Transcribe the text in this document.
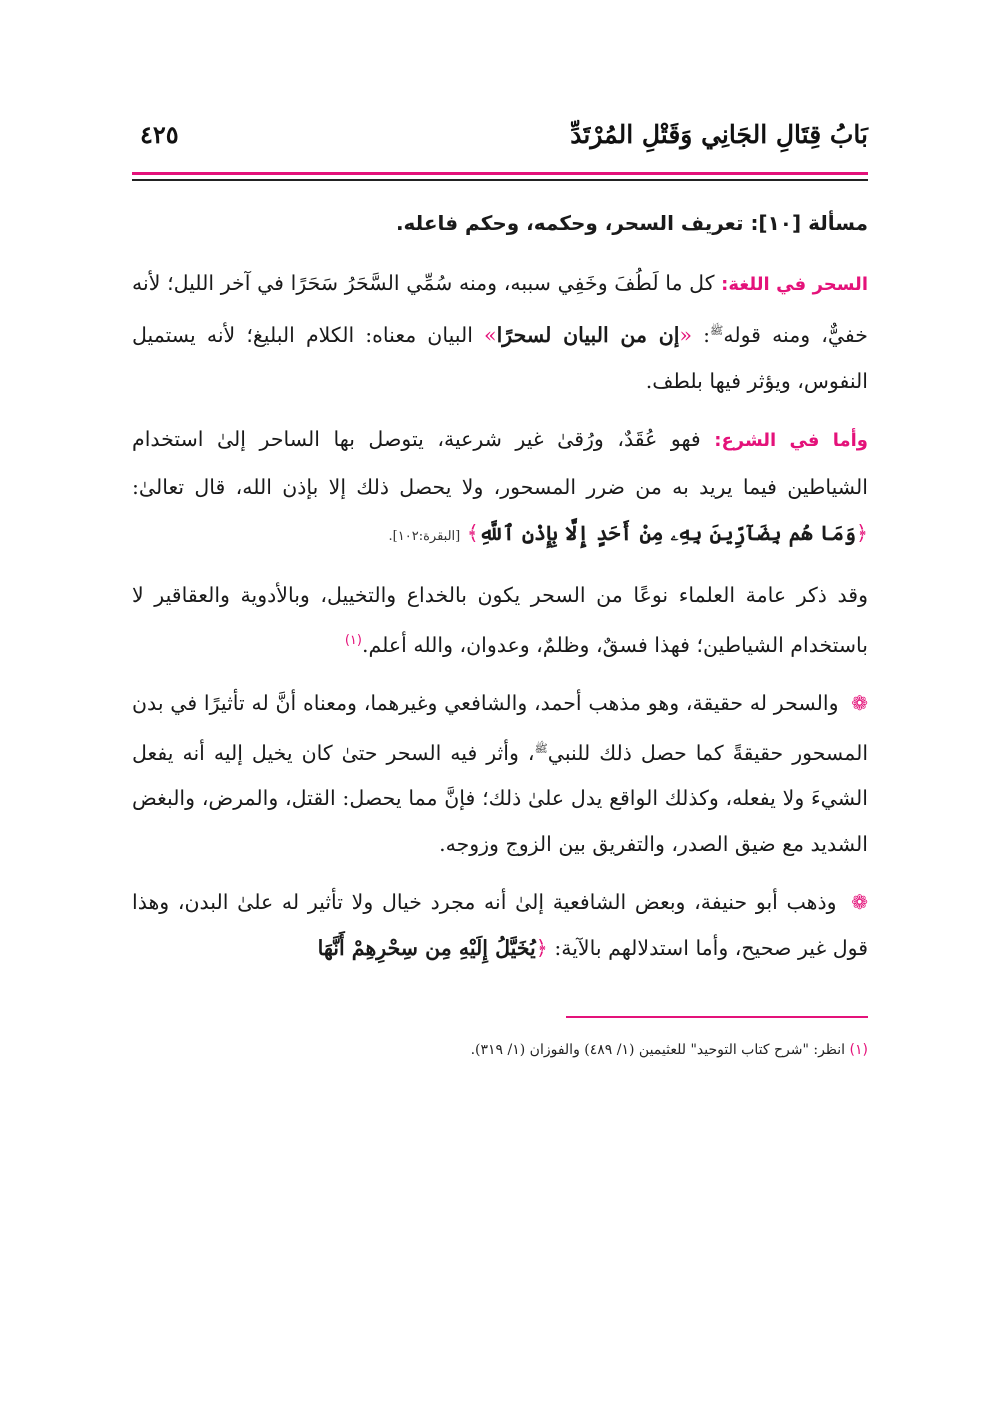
بَابُ قِتَالِ الجَانِي وَقَتْلِ المُرْتَدِّ
٤٢٥

مسألة [١٠]: تعريف السحر، وحكمه، وحكم فاعله.

السحر في اللغة: كل ما لَطُفَ وخَفِي سببه، ومنه سُمِّي السَّحَرُ سَحَرًا في آخر الليل؛ لأنه خفيٌّ، ومنه قوله$^ﷺ$: «إن من البيان لسحرًا» البيان معناه: الكلام البليغ؛ لأنه يستميل النفوس، ويؤثر فيها بلطف.

وأما في الشرع: فهو عُقَدٌ، ورُقىٰ غير شرعية، يتوصل بها الساحر إلىٰ استخدام الشياطين فيما يريد به من ضرر المسحور، ولا يحصل ذلك إلا بإذن الله، قال تعالىٰ: ﴿وَمَا هُم بِضَآرِّينَ بِهِۦ مِنْ أَحَدٍ إِلَّا بِإِذْنِ ٱللَّهِ﴾ [البقرة:١٠٢].

وقد ذكر عامة العلماء نوعًا من السحر يكون بالخداع والتخييل، وبالأدوية والعقاقير لا باستخدام الشياطين؛ فهذا فسقٌ، وظلمٌ، وعدوان، والله أعلم.$^{(١)}$

❁ والسحر له حقيقة، وهو مذهب أحمد، والشافعي وغيرهما، ومعناه أنَّ له تأثيرًا في بدن المسحور حقيقةً كما حصل ذلك للنبي$^ﷺ$، وأثر فيه السحر حتىٰ كان يخيل إليه أنه يفعل الشيءَ ولا يفعله، وكذلك الواقع يدل علىٰ ذلك؛ فإنَّ مما يحصل: القتل، والمرض، والبغض الشديد مع ضيق الصدر، والتفريق بين الزوج وزوجه.

❁ وذهب أبو حنيفة، وبعض الشافعية إلىٰ أنه مجرد خيال ولا تأثير له علىٰ البدن، وهذا قول غير صحيح، وأما استدلالهم بالآية: ﴿يُخَيَّلُ إِلَيْهِ مِن سِحْرِهِمْ أَنَّهَا

(١) انظر: "شرح كتاب التوحيد" للعثيمين (١/ ٤٨٩) والفوزان (١/ ٣١٩).
